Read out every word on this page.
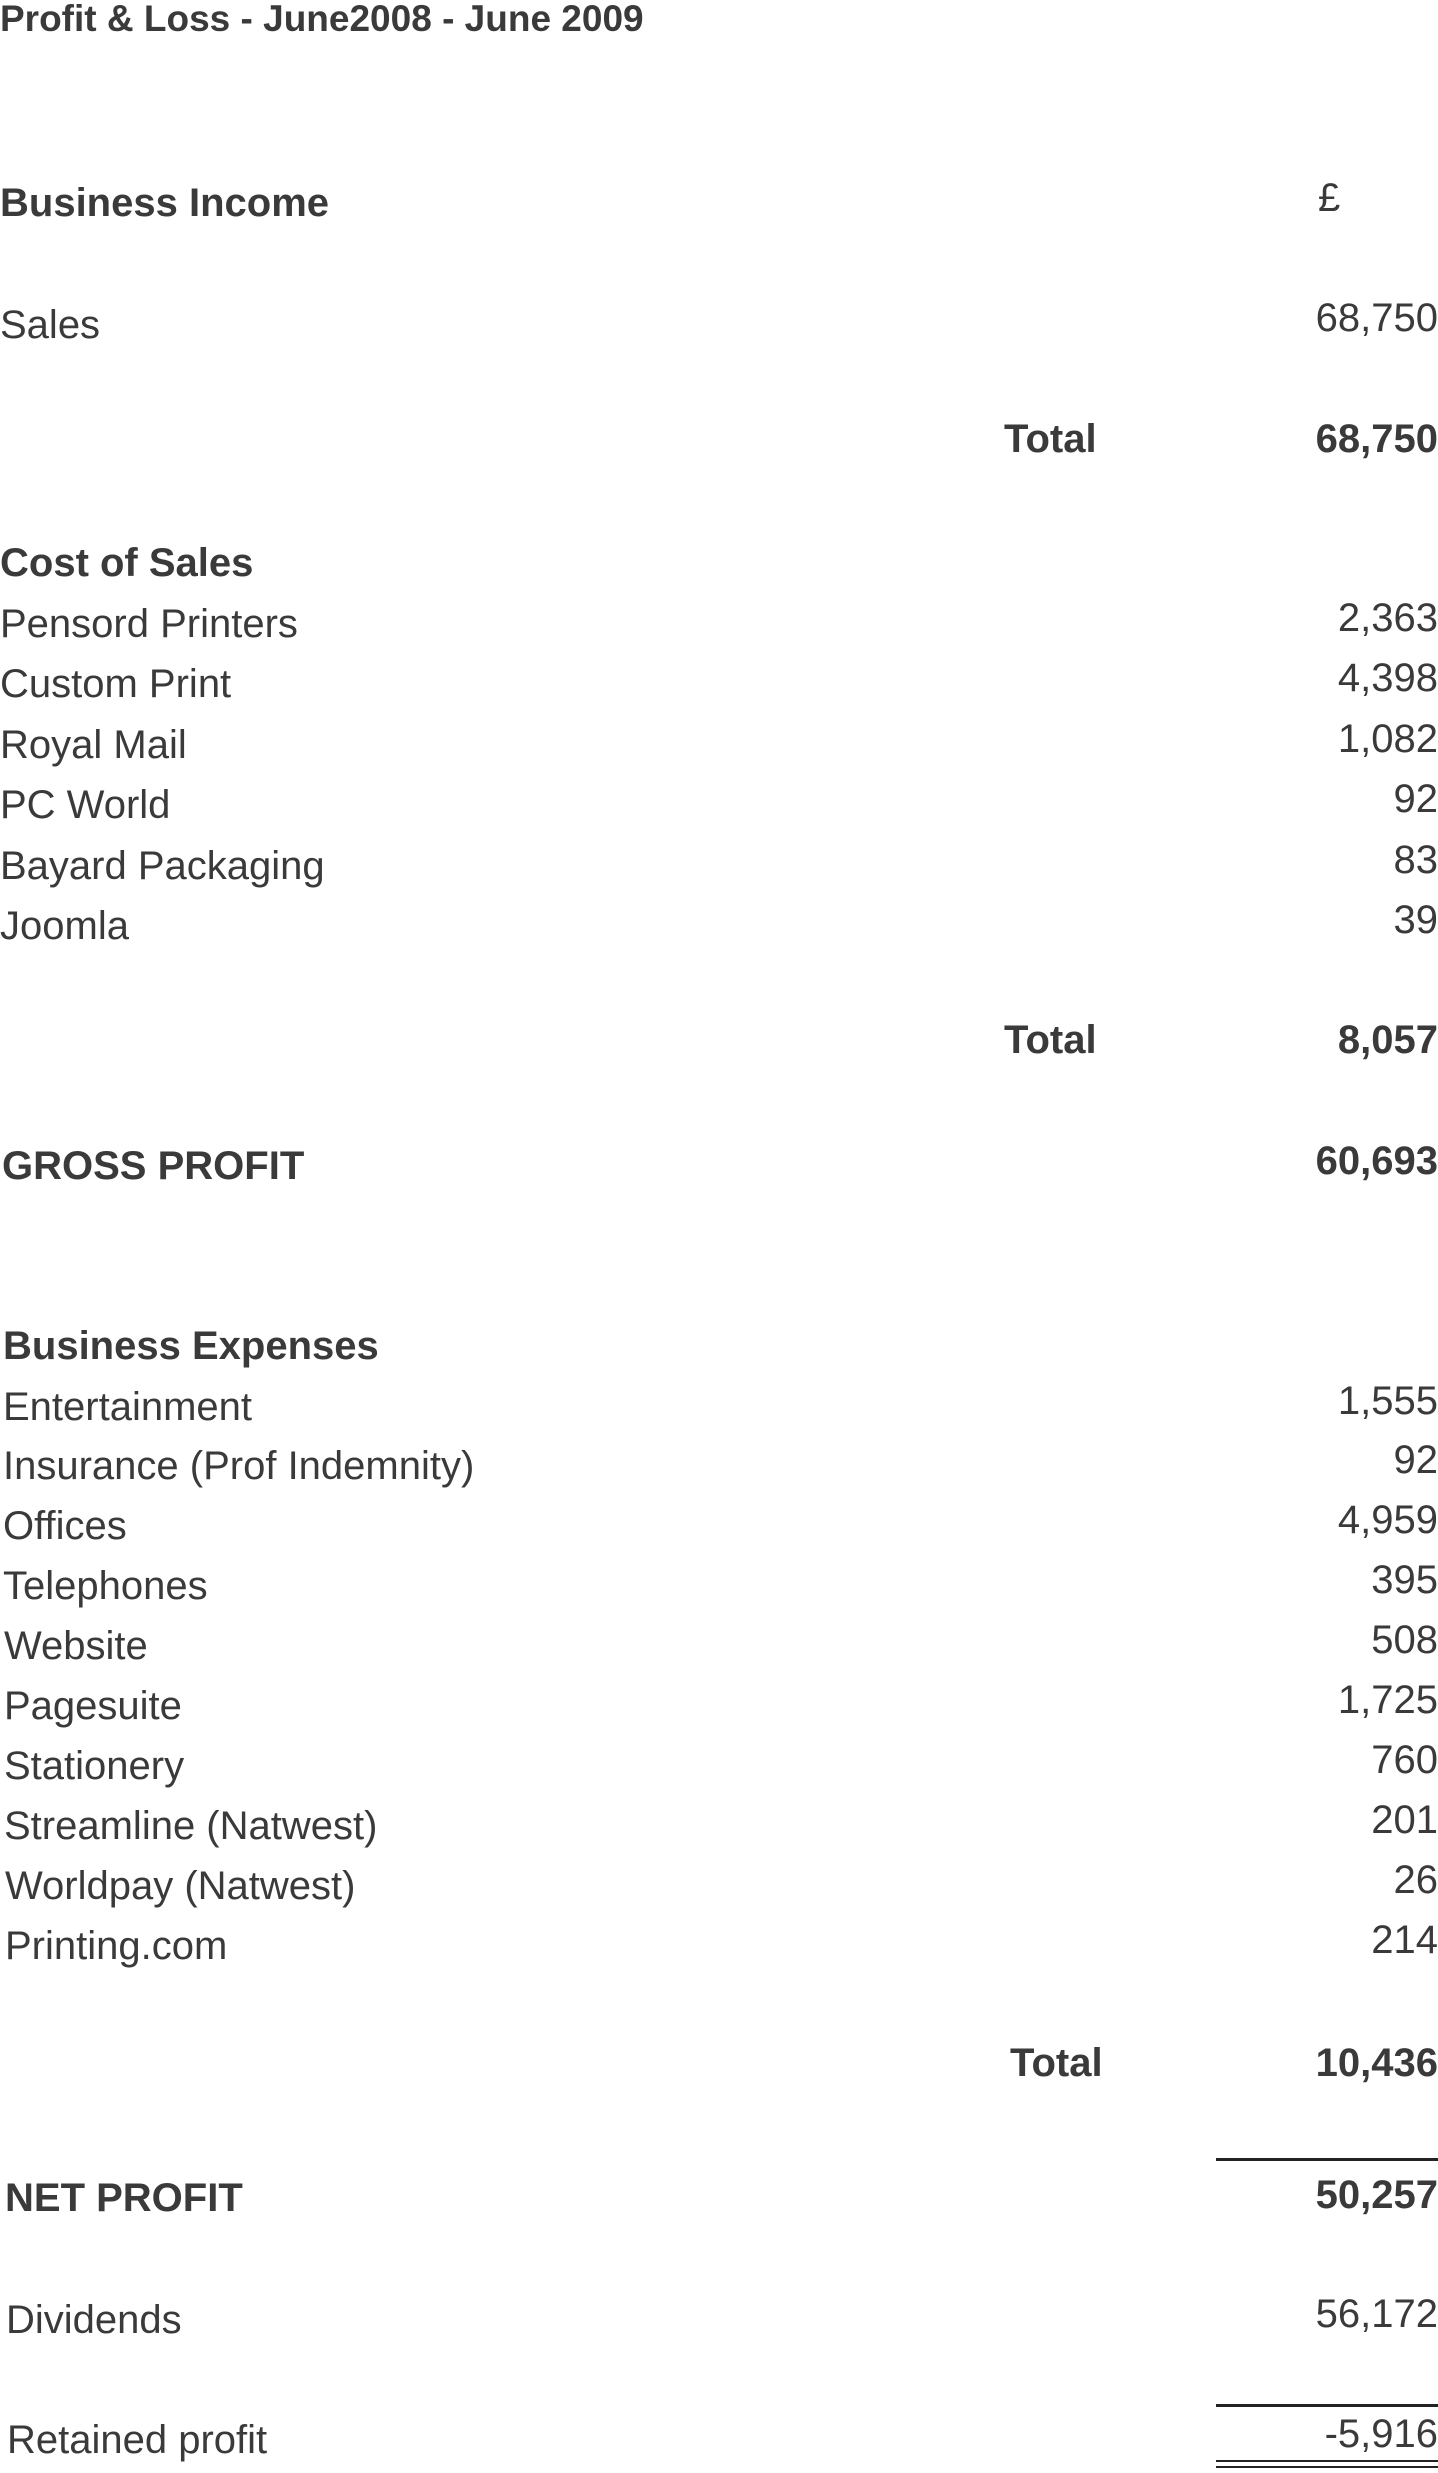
Profit & Loss - June2008 - June 2009
Business Income	£
Sales	68,750
Total	68,750
Cost of Sales
Pensord Printers	2,363
Custom Print	4,398
Royal Mail	1,082
PC World	92
Bayard Packaging	83
Joomla	39
Total	8,057
GROSS PROFIT	60,693
Business Expenses
Entertainment	1,555
Insurance (Prof Indemnity)	92
Offices	4,959
Telephones	395
Website	508
Pagesuite	1,725
Stationery	760
Streamline (Natwest)	201
Worldpay (Natwest)	26
Printing.com	214
Total	10,436
NET PROFIT	50,257
Dividends	56,172
Retained profit	-5,916
